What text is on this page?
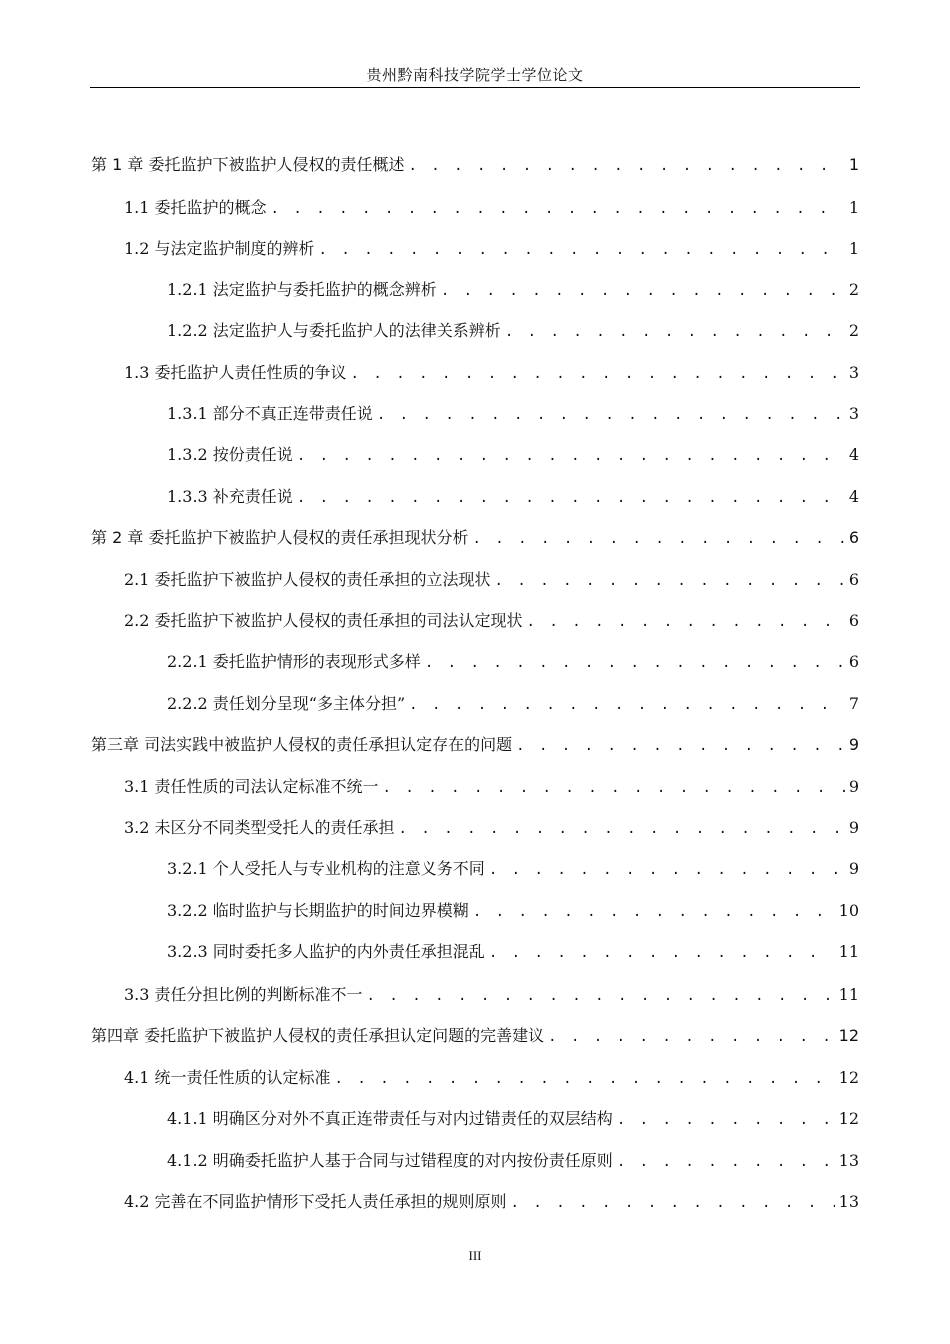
贵州黔南科技学院学士学位论文
第 1 章 委托监护下被监护人侵权的责任概述 . . .	1
1.1 委托监护的概念 . . .	1
1.2 与法定监护制度的辨析 . . .	1
1.2.1 法定监护与委托监护的概念辨析 . . .	2
1.2.2 法定监护人与委托监护人的法律关系辨析 . . .	2
1.3 委托监护人责任性质的争议 . . .	3
1.3.1 部分不真正连带责任说 . . .	3
1.3.2 按份责任说 . . .	4
1.3.3 补充责任说 . . .	4
第 2 章 委托监护下被监护人侵权的责任承担现状分析 . . .	6
2.1 委托监护下被监护人侵权的责任承担的立法现状 . . .	6
2.2 委托监护下被监护人侵权的责任承担的司法认定现状 . . .	6
2.2.1 委托监护情形的表现形式多样 . . .	6
2.2.2 责任划分呈现“多主体分担” . . .	7
第三章 司法实践中被监护人侵权的责任承担认定存在的问题 . . .	9
3.1 责任性质的司法认定标准不统一 . . .	9
3.2 未区分不同类型受托人的责任承担 . . .	9
3.2.1 个人受托人与专业机构的注意义务不同 . . .	9
3.2.2 临时监护与长期监护的时间边界模糊 . . .	10
3.2.3 同时委托多人监护的内外责任承担混乱 . . .	11
3.3 责任分担比例的判断标准不一 . . .	11
第四章 委托监护下被监护人侵权的责任承担认定问题的完善建议 . . .	12
4.1 统一责任性质的认定标准 . . .	12
4.1.1 明确区分对外不真正连带责任与对内过错责任的双层结构 . . .	12
4.1.2 明确委托监护人基于合同与过错程度的对内按份责任原则 . . .	13
4.2 完善在不同监护情形下受托人责任承担的规则原则 . . .	13
III
